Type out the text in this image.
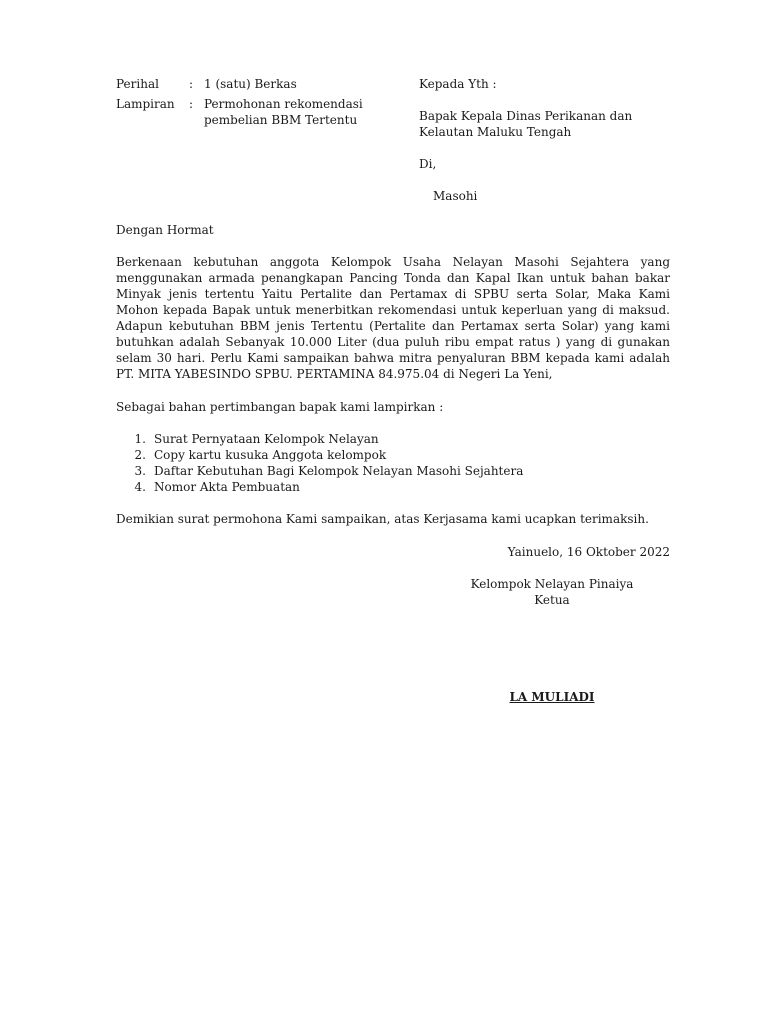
Perihal	: 1 (satu) Berkas
Lampiran	: Permohonan rekomendasi
pembelian BBM Tertentu
Kepada Yth :
Bapak Kepala Dinas Perikanan dan
Kelautan Maluku Tengah
Di,
Masohi
Dengan Hormat

Berkenaan kebutuhan anggota Kelompok Usaha Nelayan Masohi Sejahtera yang menggunakan armada penangkapan Pancing Tonda dan Kapal Ikan untuk bahan bakar Minyak jenis tertentu Yaitu Pertalite dan Pertamax di SPBU serta Solar, Maka Kami Mohon kepada Bapak untuk menerbitkan rekomendasi untuk keperluan yang di maksud. Adapun kebutuhan BBM jenis Tertentu (Pertalite dan Pertamax serta Solar) yang kami butuhkan adalah Sebanyak 10.000 Liter (dua puluh ribu empat ratus ) yang di gunakan selam 30 hari. Perlu Kami sampaikan bahwa mitra penyaluran BBM kepada kami adalah PT. MITA YABESINDO SPBU. PERTAMINA 84.975.04 di Negeri La Yeni,

Sebagai bahan pertimbangan bapak kami lampirkan :
1. Surat Pernyataan Kelompok Nelayan
2. Copy kartu kusuka Anggota kelompok
3. Daftar Kebutuhan Bagi Kelompok Nelayan Masohi Sejahtera
4. Nomor Akta Pembuatan
Demikian surat permohona Kami sampaikan, atas Kerjasama kami ucapkan terimaksih.
Yainuelo, 16 Oktober 2022
Kelompok Nelayan Pinaiya
Ketua
LA MULIADI
